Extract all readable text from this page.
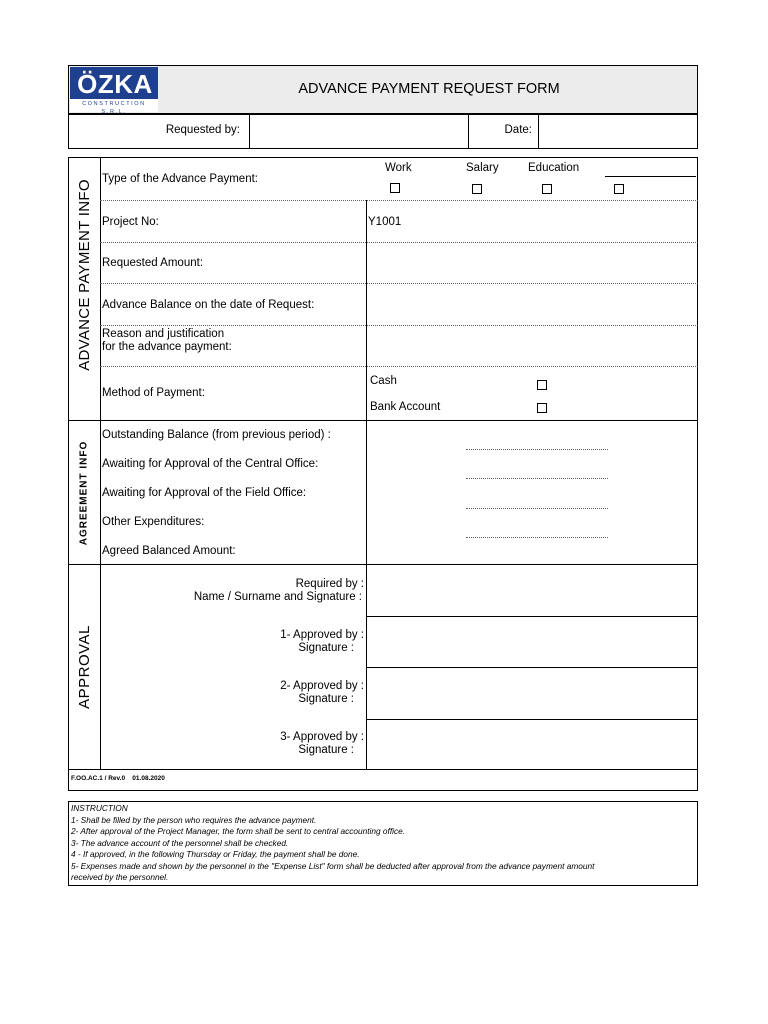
ÖZKA
CONSTRUCTION S.R.L.
ADVANCE PAYMENT REQUEST FORM
Requested by:	Date:
ADVANCE PAYMENT INFO
Type of the Advance Payment:
Work	Salary	Education
Project No:	Y1001
Requested Amount:
Advance Balance on the date of Request:
Reason and justification
for the advance payment:
Method of Payment:
Cash
Bank Account
AGREEMENT INFO
Outstanding Balance (from previous period) :
Awaiting for Approval of the Central Office:
Awaiting for Approval of the Field Office:
Other Expenditures:
Agreed Balanced Amount:
APPROVAL
Required by :
Name / Surname and Signature :
1- Approved by :
Signature :
2- Approved by :
Signature :
3- Approved by :
Signature :
F.OO.AC.1 / Rev.0    01.08.2020
INSTRUCTION
1- Shall be filled by the person who requires the advance payment.
2- After approval of the Project Manager, the form shall be sent to central accounting office.
3- The advance account of the personnel shall be checked.
4 - If approved, in the following Thursday or Friday, the payment shall be done.
5- Expenses made and shown by the personnel in the "Expense List" form shall be deducted after approval from the advance payment amount
received by the personnel.
